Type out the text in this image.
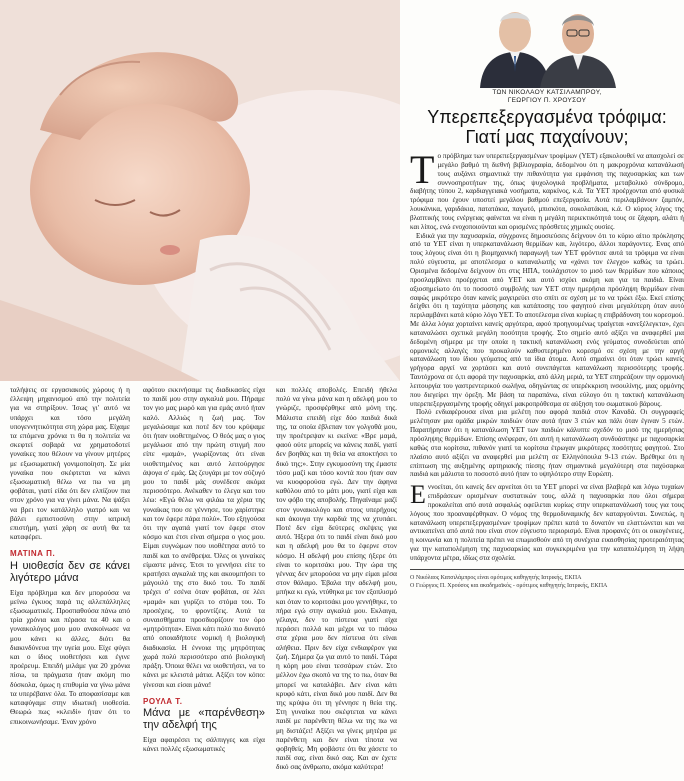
ταλήψεις σε εργασιακούς χώρους ή η έλλειψη μηχανισμού από την πολιτεία για να στηρίξουν. Ίσως γι' αυτό να υπάρχει και τόσο μεγάλη υπογεννητικότητα στη χώρα μας. Είχαμε τα επόμενα χρόνια τι θα η πολιτεία να σκεφτεί σοβαρά να χρηματοδοτεί γυναίκες που θέλουν να γίνουν μητέρες με εξωσωματική γονιμοποίηση. Σε μία γυναίκα που σκέφτεται να κάνει εξωσωματική θέλω να πω να μη φοβάται, γιατί είδα ότι δεν ελπίζουν πια στον χρόνο για να γίνει μάνα. Να ψάξει να βρει τον κατάλληλο γιατρό και να βάλει εμπιστοσύνη στην ιατρική επιστήμη, γιατί χάρη σε αυτή θα τα καταφέρει.

ΜΑΤΙΝΑ Π.
Η υιοθεσία δεν σε κάνει λιγότερο μάνα

Είχα πρόβλημα και δεν μπορούσα να μείνω έγκυος παρά τις αλλεπάλληλες εξωσωματικές. Προσπαθούσα πάνω από τρία χρόνια και πέρασα τα 40 και ο γυναικολόγος μου μου ανακοίνωσε να μου κάνει κι άλλες, διότι θα διακινδύνευα την υγεία μου. Είχε φύγει και ο ίδιος υιοθετήσει και έγινε προέρευμ. Επειδή μιλάμε για 20 χρόνια πίσω, τα πράγματα ήταν ακόμη πιο δύσκολα, όμως η επιθυμία να γίνω μάνα τα υπερέβαινε όλα. Το αποφασίσαμε και καταφύγαμε στην ιδιωτική υιοθεσία. Θεωρώ πως «κλειδί» ήταν ότι το επικοινωνήσαμε. Έναν χρόνο

αφότου εκκινήσαμε τις διαδικασίες είχα το παιδί μου στην αγκαλιά μου. Πήραμε τον γιο μας μωρό και για εμάς αυτό ήταν καλό. Αλλιώς η ζωή μας. Τον μεγαλώσαμε και ποτέ δεν του κρύψαμε ότι ήταν υιοθετημένος. Ο θεός μας ο γιος μεγάλωσε από την πρώτη στιγμή που είπε «μαμά», γνωρίζοντας ότι είναι υιοθετημένος και αυτό λειτούργησε άψογα σ' εμάς. Ως ζευγάρι με τον σύζυγό μου το παιδί μάς συνέδεσε ακόμα περισσότερο. Ανέκαθεν το έλεγα και του λέω: «Εγώ θέλω να φιλάω τα χέρια της γυναίκας που σε γέννησε, του χαρίστηκε και τον έφερε πάρα πολύ». Του εξηγούσα ότι την αγαπά γιατί τον έφερε στον κόσμο και έτσι είναι σήμερα ο γιος μου. Είμαι ευγνώμων που υιοθέτησα αυτό το παιδί και το ανέθρεψα. Όλες οι γυναίκες είμαστε μάνες. Έτσι το γεννήσει είτε το κρατήσει αγκαλιά της και ακουμπήσει το μάγουλό της στο δικό του. Το παιδί τρέχει σ' εσένα όταν φοβάται, σε λέει «μαμά» και γυρίζει το στόμα του. Το προσέχεις, το φροντίζεις. Αυτά τα συναισθήματα προσδιορίζουν τον όρο «μητρότητα». Είναι κάτι πολύ πιο δυνατό από οποιαδήποτε νομική ή βιολογική διαδικασία. Η έννοια της μητρότητας χωρά πολύ περισσότερο από βιολογική πράξη. Όποια θέλει να υιοθετήσει, να το κάνει με κλειστά μάτια. Αξίζει τον κόπο: γίνεσαι και είσαι μάνα!

ΡΟΥΛΑ Τ.
Μάνα με «παρένθεση» την αδελφή της

Είχα αφαιρέσει τις σάλπιγγες και είχα κάνει πολλές εξωσωματικές

και πολλές αποβολές. Επειδή ήθελα πολύ να γίνω μάνα και η αδελφή μου το γνώριζε, προσφέρθηκε από μόνη της. Μάλιστα επειδή είχε δύο παιδιά δικά της, τα οποία έβλεπαν τον γολγοθά μου, την προέτρεψαν κι εκείνα: «Βρε μαμά, φαού ούτε μπορείς να κάνεις παιδί, γιατί δεν βοηθάς και τη θεία να αποκτήσει το δικό της;». Στην εγκυμοσύνη της έμαστε τόσο μαζί και τόσο κοντά που ήταν σαν να κυοφορούσα εγώ. Δεν την άφηνα καθόλου από το μάτι μου, γιατί είχα και τον φόβο της αποβολής. Πηγαίναμε μαζί στον γυναικολόγο και στους υπερήχους και άκουγα την καρδιά της να χτυπάει. Ποτέ δεν είχα δεύτερες σκέψεις για αυτό. Ήξερα ότι το παιδί είναι δικό μου και η αδελφή μου θα το έφερνε στον κόσμο. Η αδελφή μου επίσης ήξερε ότι είναι το κοριτσάκι μου. Την ώρα της γέννας δεν μπορούσα να μην είμαι μέσα στον θάλαμο. Έβαλα την αδελφή μου, μπήκα κι εγώ, ντύθηκα με τον εξοπλισμό και όταν το κοριτσάκι μου γεννήθηκε, το πήρα εγώ στην αγκαλιά μου. Εκλαιγα, γέλαγα, δεν το πίστευα γιατί είχα περάσει πολλά και μέχρι να το πιάσω στα χέρια μου δεν πίστευα ότι είναι αλήθεια. Πριν δεν είχα ενδιαφέρον για ζωή. Σήμερα ζω για αυτό το παιδί. Τώρα η κόρη μου είναι τεσσάρων ετών. Στο μέλλον έχω σκοπό να της το πω, όταν θα μπορεί να καταλάβει. Δεν είναι κάτι κρυφό κάτι, είναι δικό μου παιδί. Δεν θα της κρύψω ότι τη γέννησε η θεία της. Στη γυναίκα που σκέφτεται να κάνει παιδί με παρένθετη θέλω να της πω να μη διστάζει! Αξίζει να γίνεις μητέρα με παρένθετη και δεν είναι τίποτα να φοβηθείς. Μη φοβάστε ότι θα χάσετε το παιδί σας, είναι δικό σας. Και αν έχετε δικό σας άνθρωπο, ακόμα καλύτερα!

ΤΩΝ ΝΙΚΟΛΑΟΥ ΚΑΤΣΙΛΑΜΠΡΟΥ,
ΓΕΩΡΓΙΟΥ Π. ΧΡΟΥΣΟΥ
Υπερεπεξεργασμένα τρόφιμα:
Γιατί μας παχαίνουν;
Τ ο πρόβλημα των υπερεπεξεργασμένων τροφίμων (ΥΕΤ) εξακολουθεί να απασχολεί σε μεγάλο βαθμό τη διεθνή βιβλιογραφία, δεδομένου ότι η μακροχρόνια κατανάλωσή τους αυξάνει σημαντικά την πιθανότητα για εμφάνιση της παχυσαρκίας και των συννοσηροτήτων της, όπως ψυχολογικά προβλήματα, μεταβολικό σύνδρομο, διαβήτης τύπου 2, καρδιαγγειακά νοσήματα, καρκίνος, κ.ά. Τα ΥΕΤ προέρχονται από φυσικά τρόφιμα που έχουν υποστεί μεγάλου βαθμού επεξεργασία. Αυτά περιλαμβάνουν ζαμπόν, λουκάνικα, γαριδάκια, πατατάκια, παγωτό, μπισκότα, σοκολατάκια, κ.ά. Ο κύριος λόγος της βλαπτικής τους ενέργειας φαίνεται να είναι η μεγάλη περιεκτικότητά τους σε ζάχαρη, αλάτι ή και λίπος, ενώ ενοχοποιούνται και ορισμένες πρόσθετες χημικές ουσίες.

Ειδικά για την παχυσαρκία, σύγχρονες δημοσιεύσεις δείχνουν ότι το κύριο αίτιο πρόκλησης από τα ΥΕΤ είναι η υπερκατανάλωση θερμίδων και, λιγότερο, άλλοι παράγοντες. Ενας από τους λόγους είναι ότι η βιομηχανική παραγωγή των ΥΕΤ φρόντισε αυτά τα τρόφιμα να είναι πολύ εύγευστα, με αποτέλεσμα ο καταναλωτής να «χάνει τον έλεγχο» καθώς τα τρώει. Ορισμένα δεδομένα δείχνουν ότι στις ΗΠΑ, τουλάχιστον το μισό των θερμίδων που κάποιος προσλαμβάνει προέρχεται από ΥΕΤ και αυτό ισχύει ακόμη και για τα παιδιά. Είναι αξιοσημείωτο ότι το ποσοστό συμβολής των ΥΕΤ στην ημερήσια πρόσληψη θερμίδων είναι σαφώς μικρότερο όταν κανείς μαγειρεύει στο σπίτι σε σχέση με το να τρώει έξω. Εκεί επίσης δείχθει ότι η ταχύτητα μάσησης και κατάποσης του φαγητού είναι μεγαλύτερη όταν αυτό περιλαμβάνει κατά κύριο λόγο ΥΕΤ. Το αποτέλεσμα είναι κυρίως η επιβράδυνση του κορεσμού. Με άλλα λόγια χορταίνει κανείς αργότερα, αφού προηγουμένως τραίγεται «ανεξέλεγκτα», έχει καταναλώσει σχετικά μεγάλη ποσότητα τροφής. Στο σημείο αυτό αξίζει να αναφερθεί μια δεδομένη σήμερα με την οποία η τακτική κατανάλωση ενός γεύματος συνοδεύεται από ορμονικές αλλαγές που προκαλούν καθυστερημένο κορεσμό σε σχέση με την αργή κατανάλωση του ίδιου γεύματος από τα ίδια άτομα. Αυτό σημαίνει ότι όταν τρώει κανείς γρήγορα αργεί να χορτάσει και αυτό συνεπάγεται κατανάλωση περισσότερης τροφής. Ταυτόχρονα σε ό,τι αφορά την παχυσαρκία, από άλλη μεριά, τα ΥΕΤ επηρεάζουν την ορμονική λειτουργία του γαστρεντερικού σωλήνα, οδηγώντας σε υπερέκκριση ινσουλίνης, μιας ορμόνης που διεγείρει την όρεξη. Με βάση τα παραπάνω, είναι εύλογο ότι η τακτική κατανάλωση υπερεπεξεργασμένης τροφής οδηγεί μακροπρόθεσμα σε αύξηση του σωματικού βάρους.

Πολύ ενδιαφέρουσα είναι μια μελέτη που αφορά παιδιά στον Καναδά. Οι συγγραφείς μελέτησαν μια ομάδα μικρών παιδιών όταν αυτά ήταν 3 ετών και πάλι όταν έγιναν 5 ετών. Παρατήρησαν ότι η κατανάλωση ΥΕΤ των παιδιών κάλυπτε σχεδόν το μισό της ημερήσιας πρόσληψης θερμίδων. Επίσης ανέφεραν, ότι αυτή η κατανάλωση συνδυάστηκε με παχυσαρκία καθώς στα κορίτσια, πιθανόν γιατί τα κορίτσια έτρωγαν μικρότερες ποσότητες φαγητού. Στο πλαίσιο αυτό αξίζει να αναφερθεί μια μελέτη σε Ελληνόπουλα 9-13 ετών. Βρέθηκε ότι η επίπτωση της αυξημένης αρτηριακής πίεσης ήταν σημαντικά μεγαλύτερη στα παχύσαρκα παιδιά και μάλιστα το ποσοστό αυτό ήταν το υψηλότερο στην Ευρώπη.

Ε ννοείται, ότι κανείς δεν αρνείται ότι τα ΥΕΤ μπορεί να είναι βλαβερά και λόγω τυχαίων επιδράσεων ορισμένων συστατικών τους, αλλά η παχυσαρκία που όλοι σήμερα προκαλείται από αυτά ασφαλώς οφείλεται κυρίως στην υπερκατανάλωσή τους για τους λόγους που προαναφέρθηκαν. Ο νόμος της θερμοδυναμικής δεν καταργούνται. Συνεπώς, η κατανάλωση υπερεπεξεργασμένων τροφίμων πρέπει κατά το δυνατόν να ελαττώνεται και να αντικατείνει από αυτά που είναι στον εύγευστο περιορισμό. Είναι προφανές ότι οι οικογένειες, η κοινωνία και η πολιτεία πρέπει να επωμισθούν από τη συνέχεια ευαισθησίας προτεραιότητας για την καταπολέμηση της παχυσαρκίας και συγκεκριμένα για την καταπολέμηση τη λήψη υπάρχοντα μέτρα, ιδίως στα σχολεία.

Ο Νικόλαος Κατσιλάμπρος είναι ομότιμος καθηγητής Ιατρικής, ΕΚΠΑ
Ο Γεώργιος Π. Χρούσος και ακαδημαϊκός - ομότιμος καθηγητής Ιατρικής, ΕΚΠΑ
